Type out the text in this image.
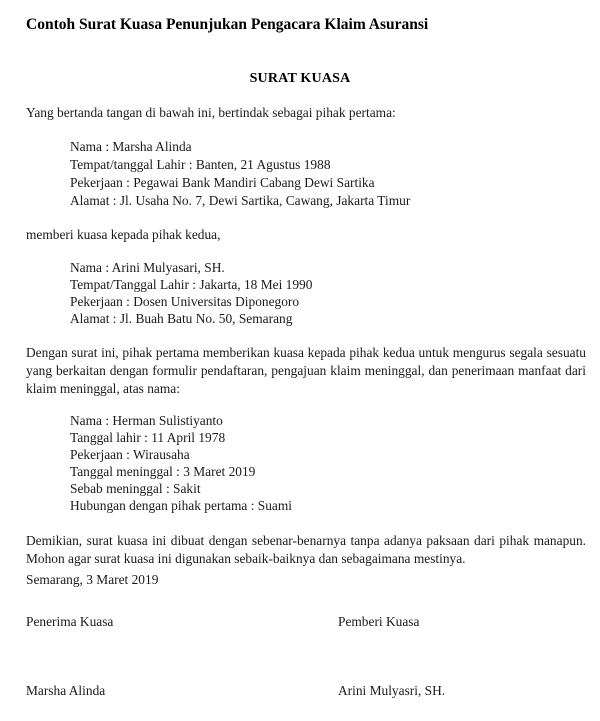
Contoh Surat Kuasa Penunjukan Pengacara Klaim Asuransi
SURAT KUASA
Yang bertanda tangan di bawah ini, bertindak sebagai pihak pertama:
Nama : Marsha Alinda
Tempat/tanggal Lahir : Banten, 21 Agustus 1988
Pekerjaan : Pegawai Bank Mandiri Cabang Dewi Sartika
Alamat : Jl. Usaha No. 7, Dewi Sartika, Cawang, Jakarta Timur
memberi kuasa kepada pihak kedua,
Nama : Arini Mulyasari, SH.
Tempat/Tanggal Lahir : Jakarta, 18 Mei 1990
Pekerjaan : Dosen Universitas Diponegoro
Alamat : Jl. Buah Batu No. 50, Semarang
Dengan surat ini, pihak pertama memberikan kuasa kepada pihak kedua untuk mengurus segala sesuatu yang berkaitan dengan formulir pendaftaran, pengajuan klaim meninggal, dan penerimaan manfaat dari klaim meninggal, atas nama:
Nama : Herman Sulistiyanto
Tanggal lahir : 11 April 1978
Pekerjaan : Wirausaha
Tanggal meninggal : 3 Maret 2019
Sebab meninggal : Sakit
Hubungan dengan pihak pertama : Suami
Demikian, surat kuasa ini dibuat dengan sebenar-benarnya tanpa adanya paksaan dari pihak manapun. Mohon agar surat kuasa ini digunakan sebaik-baiknya dan sebagaimana mestinya.
Semarang, 3 Maret 2019
Penerima Kuasa	Pemberi Kuasa
Marsha Alinda	Arini Mulyasri, SH.
